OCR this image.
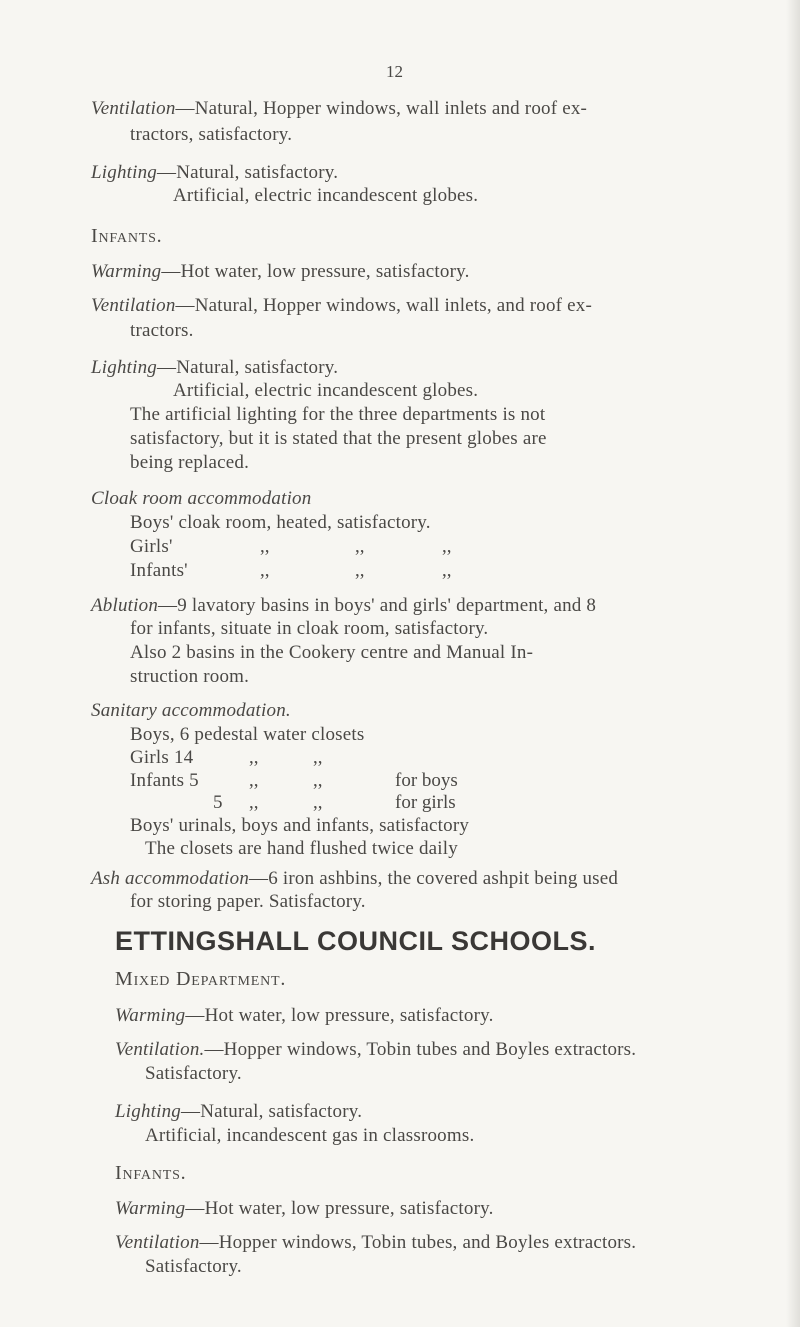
12
Ventilation—Natural, Hopper windows, wall inlets and roof ex-
tractors, satisfactory.
Lighting—Natural, satisfactory.
Artificial, electric incandescent globes.
Infants.
Warming—Hot water, low pressure, satisfactory.
Ventilation—Natural, Hopper windows, wall inlets, and roof ex-
tractors.
Lighting—Natural, satisfactory.
Artificial, electric incandescent globes.
The artificial lighting for the three departments is not
satisfactory, but it is stated that the present globes are
being replaced.
Cloak room accommodation
Boys' cloak room, heated, satisfactory.
Girls'	,,	,,	,,
Infants'	,,	,,	,,
Ablution—9 lavatory basins in boys' and girls' department, and 8
for infants, situate in cloak room, satisfactory.
Also 2 basins in the Cookery centre and Manual In-
struction room.
Sanitary accommodation.
Boys, 6 pedestal water closets
Girls 14	,,	,,
Infants 5	,,	,,	for boys
5 ,,	,,	for girls
Boys' urinals, boys and infants, satisfactory
The closets are hand flushed twice daily
Ash accommodation—6 iron ashbins, the covered ashpit being used
for storing paper. Satisfactory.
ETTINGSHALL COUNCIL SCHOOLS.
Mixed Department.
Warming—Hot water, low pressure, satisfactory.
Ventilation.—Hopper windows, Tobin tubes and Boyles extractors.
Satisfactory.
Lighting—Natural, satisfactory.
Artificial, incandescent gas in classrooms.
Infants.
Warming—Hot water, low pressure, satisfactory.
Ventilation—Hopper windows, Tobin tubes, and Boyles extractors.
Satisfactory.
